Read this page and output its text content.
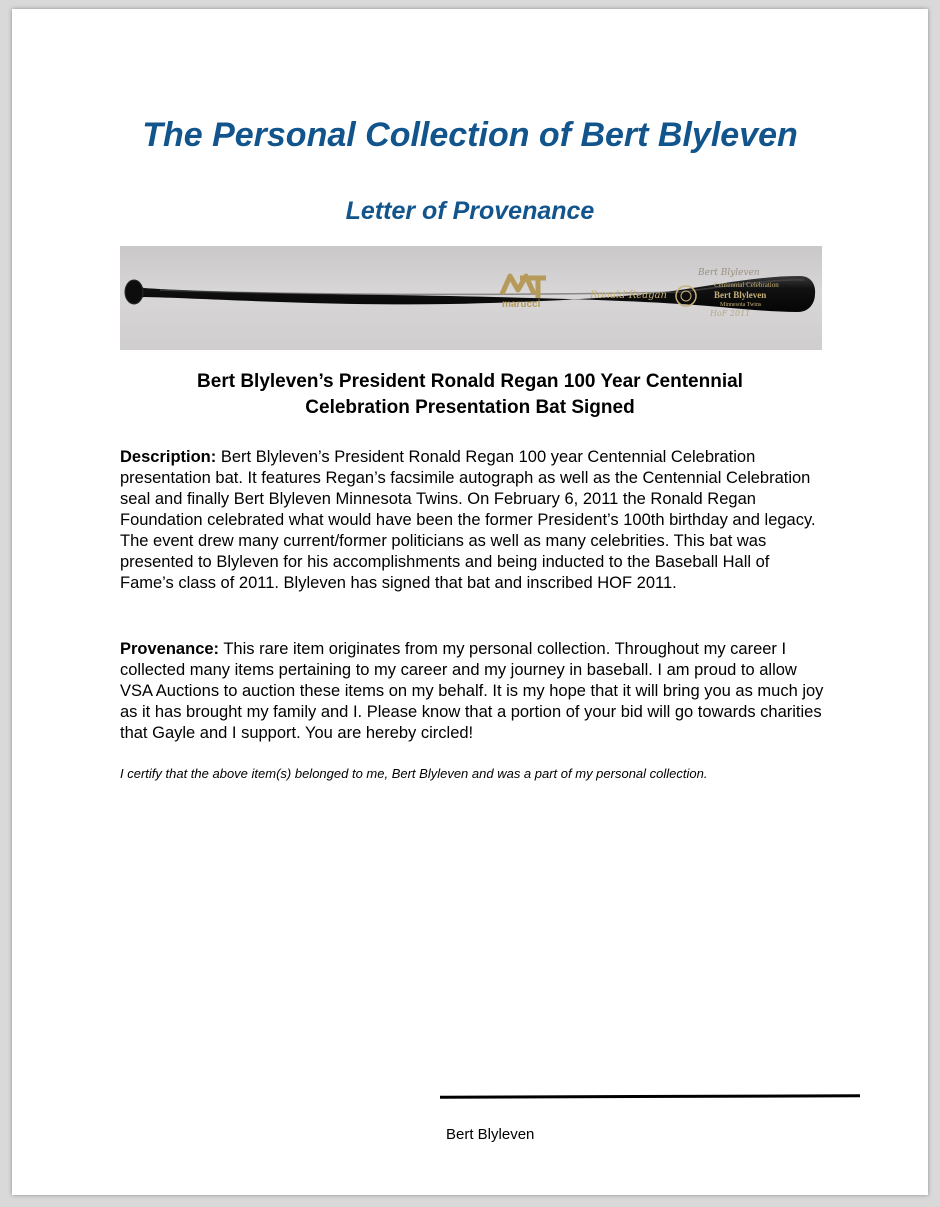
The Personal Collection of Bert Blyleven
Letter of Provenance
marucci
Ronald Reagan
Bert Blyleven
Centennial Celebration
Bert Blyleven
Minnesota Twins
HoF 2011
Bert Blyleven’s President Ronald Regan 100 Year Centennial
Celebration Presentation Bat Signed

Description: Bert Blyleven’s President Ronald Regan 100 year Centennial Celebration presentation bat. It features Regan’s facsimile autograph as well as the Centennial Celebration seal and finally Bert Blyleven Minnesota Twins. On February 6, 2011 the Ronald Regan Foundation celebrated what would have been the former President’s 100th birthday and legacy. The event drew many current/former politicians as well as many celebrities. This bat was presented to Blyleven for his accomplishments and being inducted to the Baseball Hall of Fame’s class of 2011. Blyleven has signed that bat and inscribed HOF 2011.

Provenance: This rare item originates from my personal collection. Throughout my career I collected many items pertaining to my career and my journey in baseball. I am proud to allow VSA Auctions to auction these items on my behalf. It is my hope that it will bring you as much joy as it has brought my family and I. Please know that a portion of your bid will go towards charities that Gayle and I support. You are hereby circled!

I certify that the above item(s) belonged to me, Bert Blyleven and was a part of my personal collection.

Bert Blyleven
